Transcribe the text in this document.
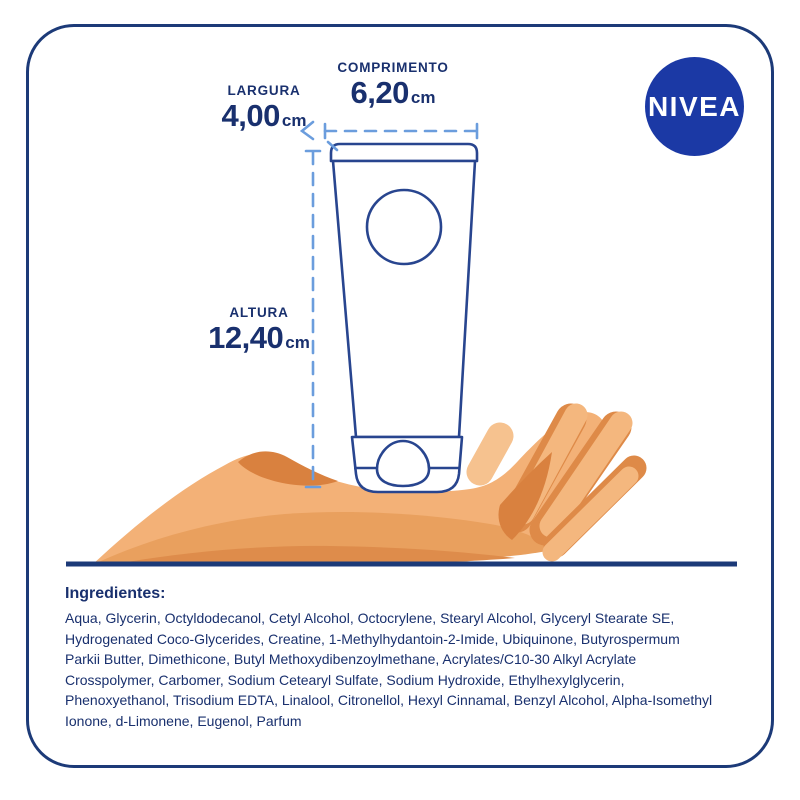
NIVEA
COMPRIMENTO
6,20 cm
LARGURA
4,00 cm
ALTURA
12,40 cm
Ingredientes:
Aqua, Glycerin, Octyldodecanol, Cetyl Alcohol, Octocrylene, Stearyl Alcohol, Glyceryl Stearate SE,
Hydrogenated Coco-Glycerides, Creatine, 1-Methylhydantoin-2-Imide, Ubiquinone, Butyrospermum
Parkii Butter, Dimethicone, Butyl Methoxydibenzoylmethane, Acrylates/C10-30 Alkyl Acrylate
Crosspolymer, Carbomer, Sodium Cetearyl Sulfate, Sodium Hydroxide, Ethylhexylglycerin,
Phenoxyethanol, Trisodium EDTA, Linalool, Citronellol, Hexyl Cinnamal, Benzyl Alcohol, Alpha-Isomethyl
Ionone, d-Limonene, Eugenol, Parfum
